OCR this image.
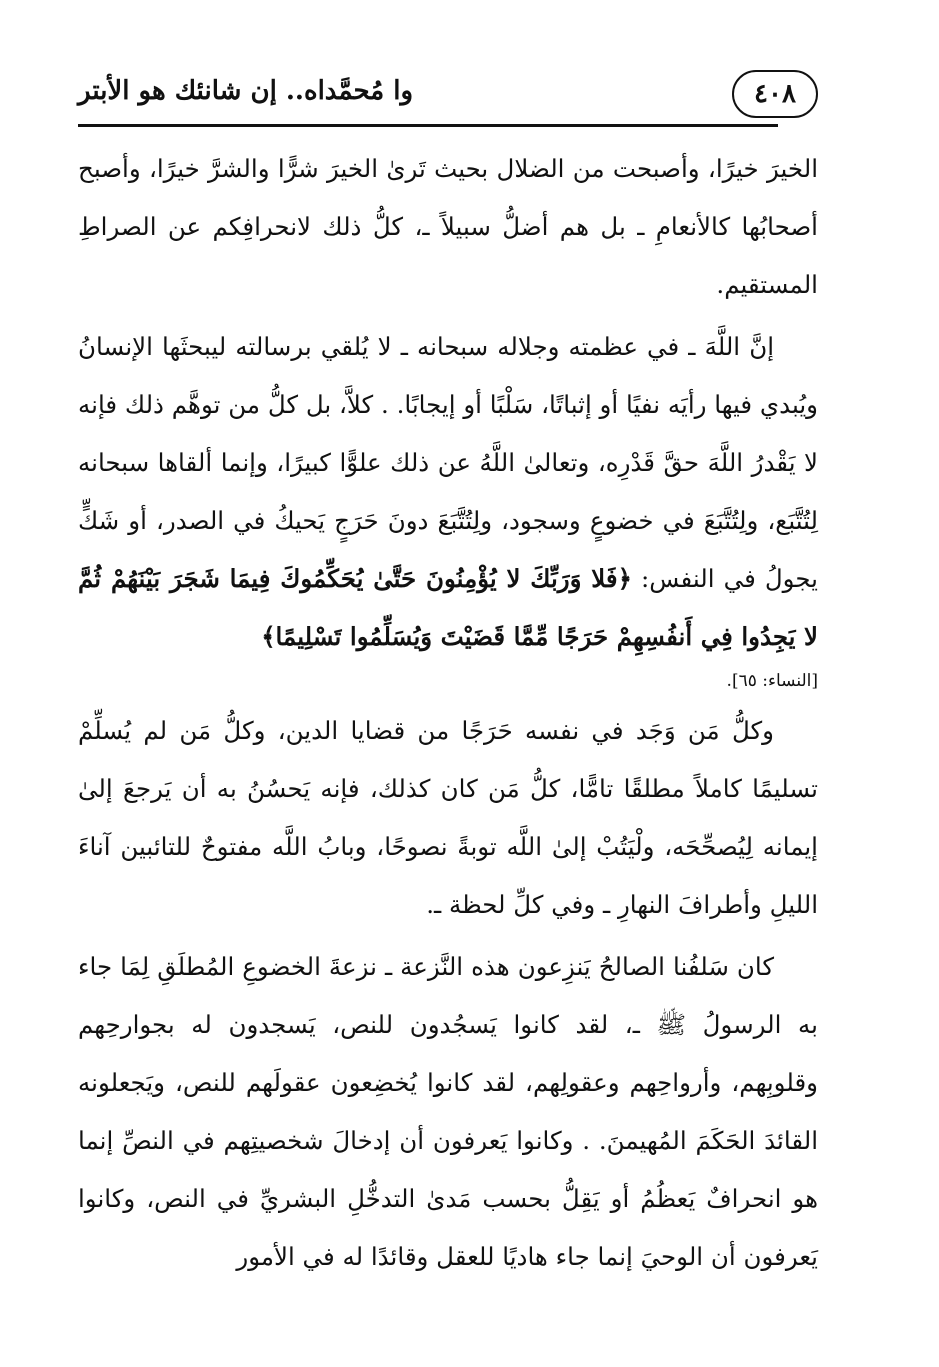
وا مُحمَّداه.. إن شانئك هو الأبتر	٤٠٨

الخيرَ خيرًا، وأصبحت من الضلال بحيث تَرىٰ الخيرَ شرًّا والشرَّ خيرًا، وأصبح أصحابُها كالأنعامِ ـ بل هم أضلُّ سبيلاً ـ، كلُّ ذلك لانحرافِكم عن الصراطِ المستقيم.

إنَّ اللَّهَ ـ في عظمته وجلاله سبحانه ـ لا يُلقي برسالته ليبحثَها الإنسانُ ويُبدي فيها رأيَه نفيًا أو إثباتًا، سَلْبًا أو إيجابًا. . كلاَّ، بل كلُّ من توهَّم ذلك فإنه لا يَقْدرُ اللَّهَ حقَّ قَدْرِه، وتعالىٰ اللَّهُ عن ذلك علوًّا كبيرًا، وإنما ألقاها سبحانه لِتُتَّبَع، ولِتُتَّبَعَ في خضوعٍ وسجود، ولِتُتَّبَعَ دونَ حَرَجٍ يَحيكُ في الصدر، أو شَكٍّ يجولُ في النفس: ﴿فَلا وَرَبِّكَ لا يُؤْمِنُونَ حَتَّىٰ يُحَكِّمُوكَ فِيمَا شَجَرَ بَيْنَهُمْ ثُمَّ لا يَجِدُوا فِي أَنفُسِهِمْ حَرَجًا مِّمَّا قَضَيْتَ وَيُسَلِّمُوا تَسْلِيمًا﴾

[النساء: ٦٥].

وكلُّ مَن وَجَد في نفسه حَرَجًا من قضايا الدين، وكلُّ مَن لم يُسلِّمْ تسليمًا كاملاً مطلقًا تامًّا، كلُّ مَن كان كذلك، فإنه يَحسُنُ به أن يَرجعَ إلىٰ إيمانه لِيُصحِّحَه، ولْيَتُبْ إلىٰ اللَّه توبةً نصوحًا، وبابُ اللَّه مفتوحٌ للتائبين آناءَ الليلِ وأطرافَ النهارِ ـ وفي كلِّ لحظة ـ.

كان سَلفُنا الصالحُ يَنزِعون هذه النَّزعة ـ نزعةَ الخضوعِ المُطلَقِ لِمَا جاء به الرسولُ ﷺ ـ، لقد كانوا يَسجُدون للنص، يَسجدون له بجوارحِهم وقلوبِهم، وأرواحِهم وعقولِهم، لقد كانوا يُخضِعون عقولَهم للنص، ويَجعلونه القائدَ الحَكَمَ المُهيمنَ. . وكانوا يَعرفون أن إدخالَ شخصيتِهم في النصِّ إنما هو انحرافٌ يَعظُمُ أو يَقِلُّ بحسب مَدىٰ التدخُّلِ البشريِّ في النص، وكانوا يَعرفون أن الوحيَ إنما جاء هاديًا للعقل وقائدًا له في الأمور
